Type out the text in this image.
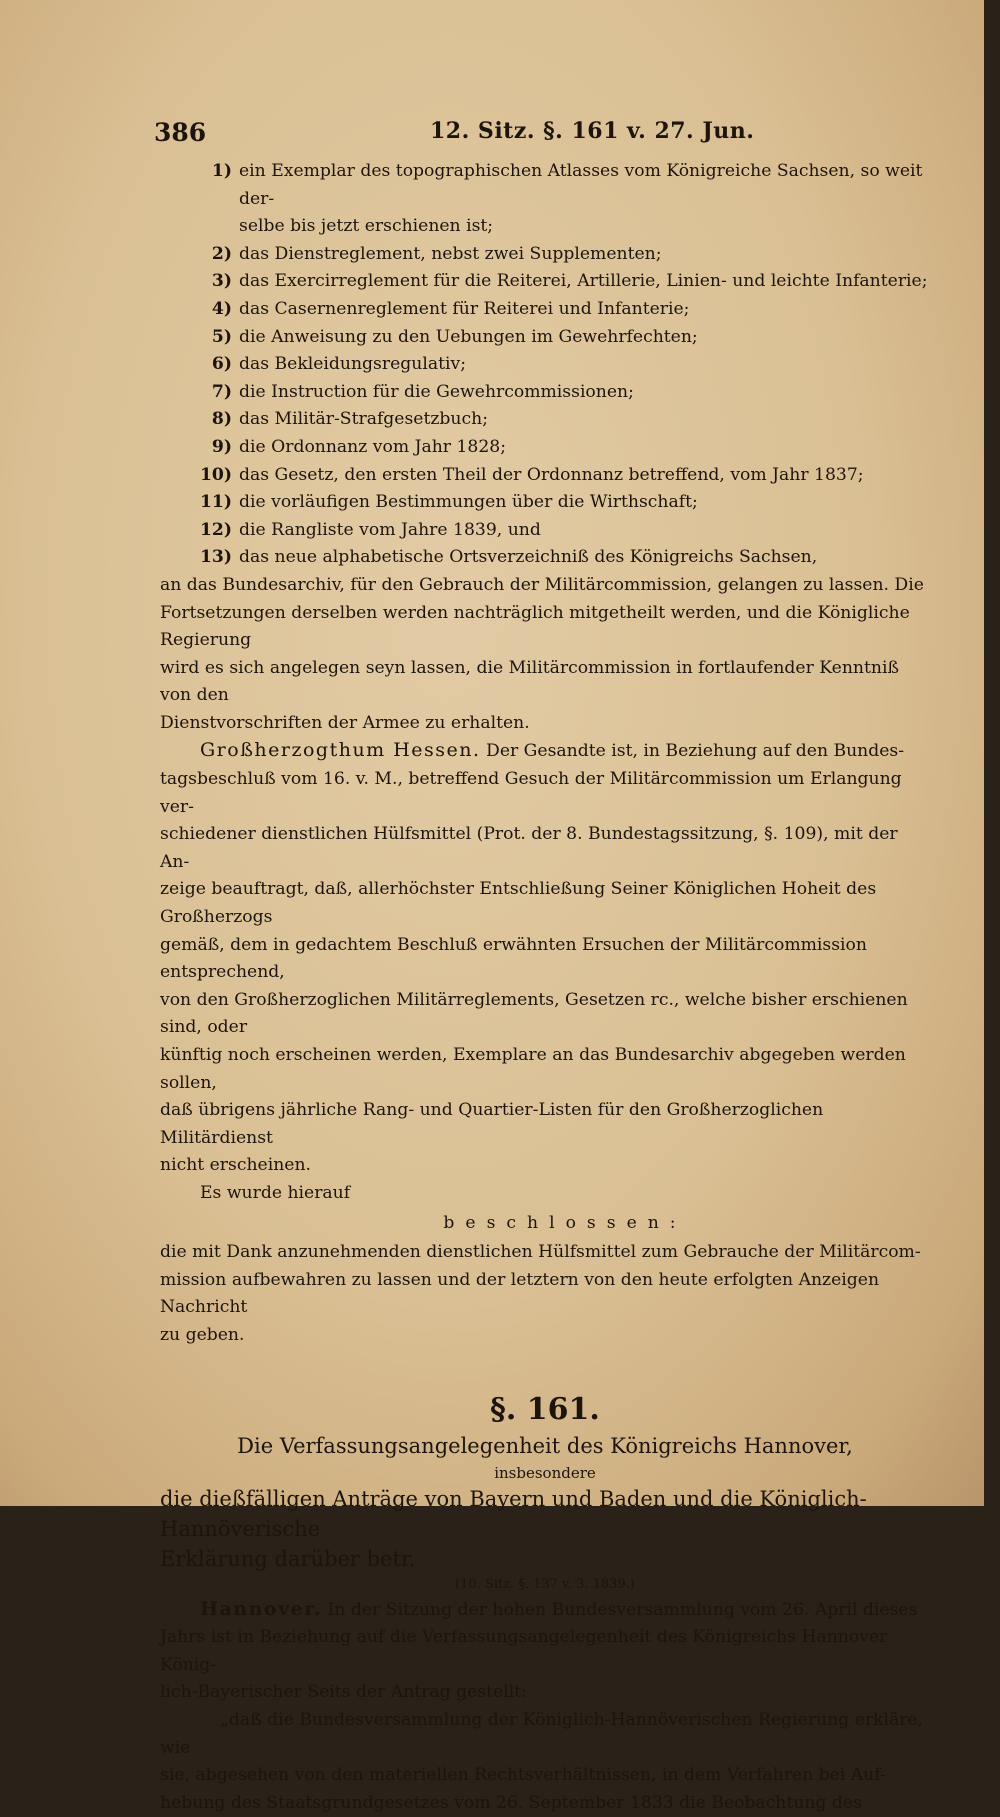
386	12. Sitz. §. 161 v. 27. Jun.
1) ein Exemplar des topographischen Atlasses vom Königreiche Sachsen, so weit der-

selbe bis jetzt erschienen ist;

2) das Dienstreglement, nebst zwei Supplementen;
3) das Exercirreglement für die Reiterei, Artillerie, Linien- und leichte Infanterie;
4) das Casernenreglement für Reiterei und Infanterie;
5) die Anweisung zu den Uebungen im Gewehrfechten;
6) das Bekleidungsregulativ;
7) die Instruction für die Gewehrcommissionen;
8) das Militär-Strafgesetzbuch;
9) die Ordonnanz vom Jahr 1828;
10) das Gesetz, den ersten Theil der Ordonnanz betreffend, vom Jahr 1837;
11) die vorläufigen Bestimmungen über die Wirthschaft;
12) die Rangliste vom Jahre 1839, und
13) das neue alphabetische Ortsverzeichniß des Königreichs Sachsen,

an das Bundesarchiv, für den Gebrauch der Militärcommission, gelangen zu lassen. Die

Fortsetzungen derselben werden nachträglich mitgetheilt werden, und die Königliche Regierung

wird es sich angelegen seyn lassen, die Militärcommission in fortlaufender Kenntniß von den

Dienstvorschriften der Armee zu erhalten.

Großherzogthum Hessen. Der Gesandte ist, in Beziehung auf den Bundes-

tagsbeschluß vom 16. v. M., betreffend Gesuch der Militärcommission um Erlangung ver-

schiedener dienstlichen Hülfsmittel (Prot. der 8. Bundestagssitzung, §. 109), mit der An-

zeige beauftragt, daß, allerhöchster Entschließung Seiner Königlichen Hoheit des Großherzogs

gemäß, dem in gedachtem Beschluß erwähnten Ersuchen der Militärcommission entsprechend,

von den Großherzoglichen Militärreglements, Gesetzen rc., welche bisher erschienen sind, oder

künftig noch erscheinen werden, Exemplare an das Bundesarchiv abgegeben werden sollen,

daß übrigens jährliche Rang- und Quartier-Listen für den Großherzoglichen Militärdienst

nicht erscheinen.

Es wurde hierauf

beschlossen:

die mit Dank anzunehmenden dienstlichen Hülfsmittel zum Gebrauche der Militärcom-

mission aufbewahren zu lassen und der letztern von den heute erfolgten Anzeigen Nachricht

zu geben.

§. 161.

Die Verfassungsangelegenheit des Königreichs Hannover,

insbesondere

die dießfälligen Anträge von Bayern und Baden und die Königlich-Hannöverische

Erklärung darüber betr.

(10. Sitz. §. 137 v. 3. 1839.)

Hannover. In der Sitzung der hohen Bundesversammlung vom 26. April dieses

Jahrs ist in Beziehung auf die Verfassungsangelegenheit des Königreichs Hannover König-

lich-Bayerischer Seits der Antrag gestellt:

„daß die Bundesversammlung der Königlich-Hannöverischen Regierung erkläre, wie

sie, abgesehen von den materiellen Rechtsverhältnissen, in dem Verfahren bei Auf-

hebung des Staatsgrundgesetzes vom 26. September 1833 die Beobachtung des
